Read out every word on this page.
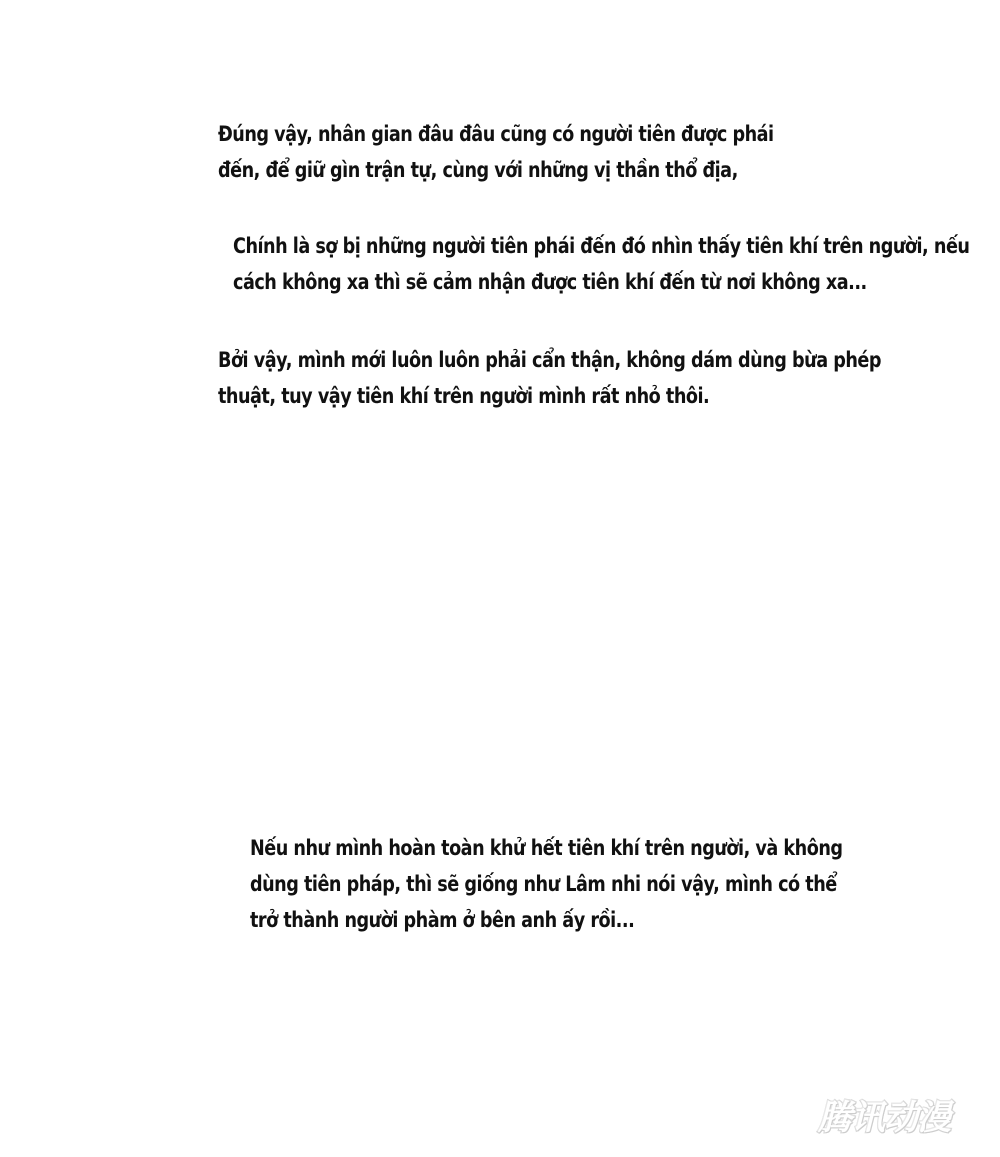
Đúng vậy, nhân gian đâu đâu cũng có người tiên được phái
đến, để giữ gìn trận tự, cùng với những vị thần thổ địa,

Chính là sợ bị những người tiên phái đến đó nhìn thấy tiên khí trên người, nếu
cách không xa thì sẽ cảm nhận được tiên khí đến từ nơi không xa...

Bởi vậy, mình mới luôn luôn phải cẩn thận, không dám dùng bừa phép
thuật, tuy vậy tiên khí trên người mình rất nhỏ thôi.

Nếu như mình hoàn toàn khử hết tiên khí trên người, và không
dùng tiên pháp, thì sẽ giống như Lâm nhi nói vậy, mình có thể
trở thành người phàm ở bên anh ấy rồi...

腾讯动漫
